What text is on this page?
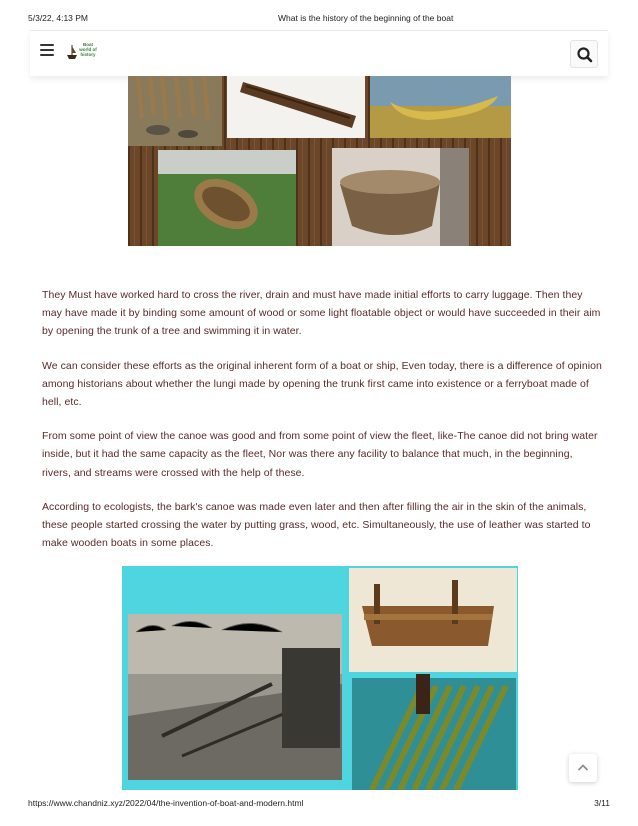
5/3/22, 4:13 PM	What is the history of the beginning of the boat
Boat world of history

They Must have worked hard to cross the river, drain and must have made initial efforts to carry luggage. Then they may have made it by binding some amount of wood or some light floatable object or would have succeeded in their aim by opening the trunk of a tree and swimming it in water.

We can consider these efforts as the original inherent form of a boat or ship, Even today, there is a difference of opinion among historians about whether the lungi made by opening the trunk first came into existence or a ferryboat made of hell, etc.

From some point of view the canoe was good and from some point of view the fleet, like-The canoe did not bring water inside, but it had the same capacity as the fleet, Nor was there any facility to balance that much, in the beginning, rivers, and streams were crossed with the help of these.

According to ecologists, the bark's canoe was made even later and then after filling the air in the skin of the animals, these people started crossing the water by putting grass, wood, etc. Simultaneously, the use of leather was started to make wooden boats in some places.

https://www.chandniz.xyz/2022/04/the-invention-of-boat-and-modern.html	3/11
